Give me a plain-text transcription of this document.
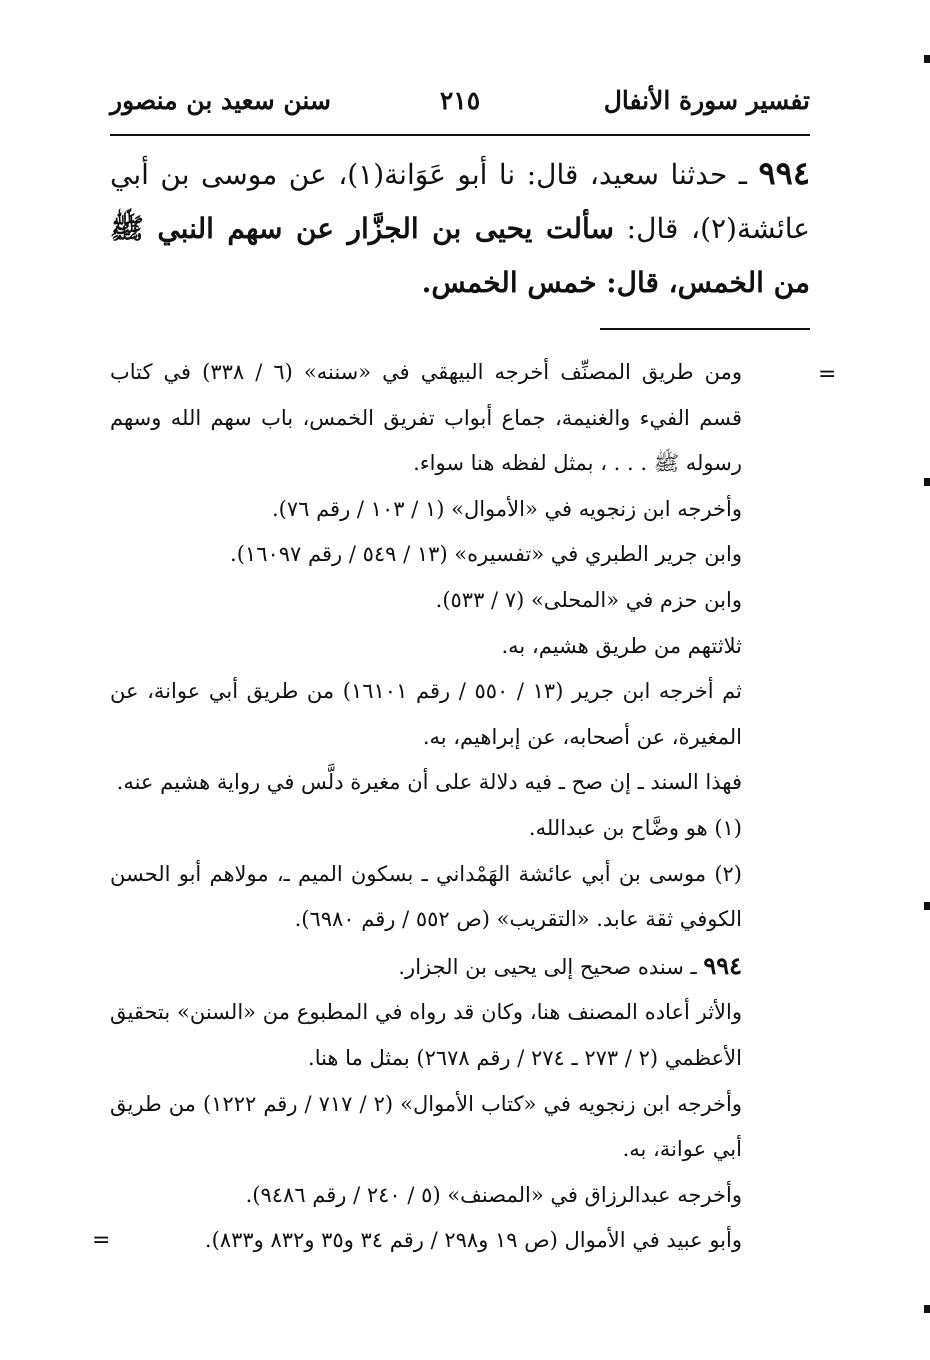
تفسير سورة الأنفال
٢١٥
سنن سعيد بن منصور
٩٩٤ ـ حدثنا سعيد، قال: نا أبو عَوَانة(١)، عن موسى بن أبي عائشة(٢)، قال: سألت يحيى بن الجزَّار عن سهم النبي ﷺ من الخمس، قال: خمس الخمس.
=

ومن طريق المصنِّف أخرجه البيهقي في «سننه» (٦ / ٣٣٨) في كتاب قسم الفيء والغنيمة، جماع أبواب تفريق الخمس، باب سهم الله وسهم رسوله ﷺ . . . ، بمثل لفظه هنا سواء.

وأخرجه ابن زنجويه في «الأموال» (١ / ١٠٣ / رقم ٧٦).

وابن جرير الطبري في «تفسيره» (١٣ / ٥٤٩ / رقم ١٦٠٩٧).

وابن حزم في «المحلى» (٧ / ٥٣٣).

ثلاثتهم من طريق هشيم، به.

ثم أخرجه ابن جرير (١٣ / ٥٥٠ / رقم ١٦١٠١) من طريق أبي عوانة، عن المغيرة، عن أصحابه، عن إبراهيم، به.

فهذا السند ـ إن صح ـ فيه دلالة على أن مغيرة دلَّس في رواية هشيم عنه.

(١) هو وضَّاح بن عبدالله.

(٢) موسى بن أبي عائشة الهَمْداني ـ بسكون الميم ـ، مولاهم أبو الحسن الكوفي ثقة عابد. «التقريب» (ص ٥٥٢ / رقم ٦٩٨٠).

٩٩٤ ـ سنده صحيح إلى يحيى بن الجزار.

والأثر أعاده المصنف هنا، وكان قد رواه في المطبوع من «السنن» بتحقيق الأعظمي (٢ / ٢٧٣ ـ ٢٧٤ / رقم ٢٦٧٨) بمثل ما هنا.

وأخرجه ابن زنجويه في «كتاب الأموال» (٢ / ٧١٧ / رقم ١٢٢٢) من طريق أبي عوانة، به.

وأخرجه عبدالرزاق في «المصنف» (٥ / ٢٤٠ / رقم ٩٤٨٦).

وأبو عبيد في الأموال (ص ١٩ و٢٩٨ / رقم ٣٤ و٣٥ و٨٣٢ و٨٣٣).

=
